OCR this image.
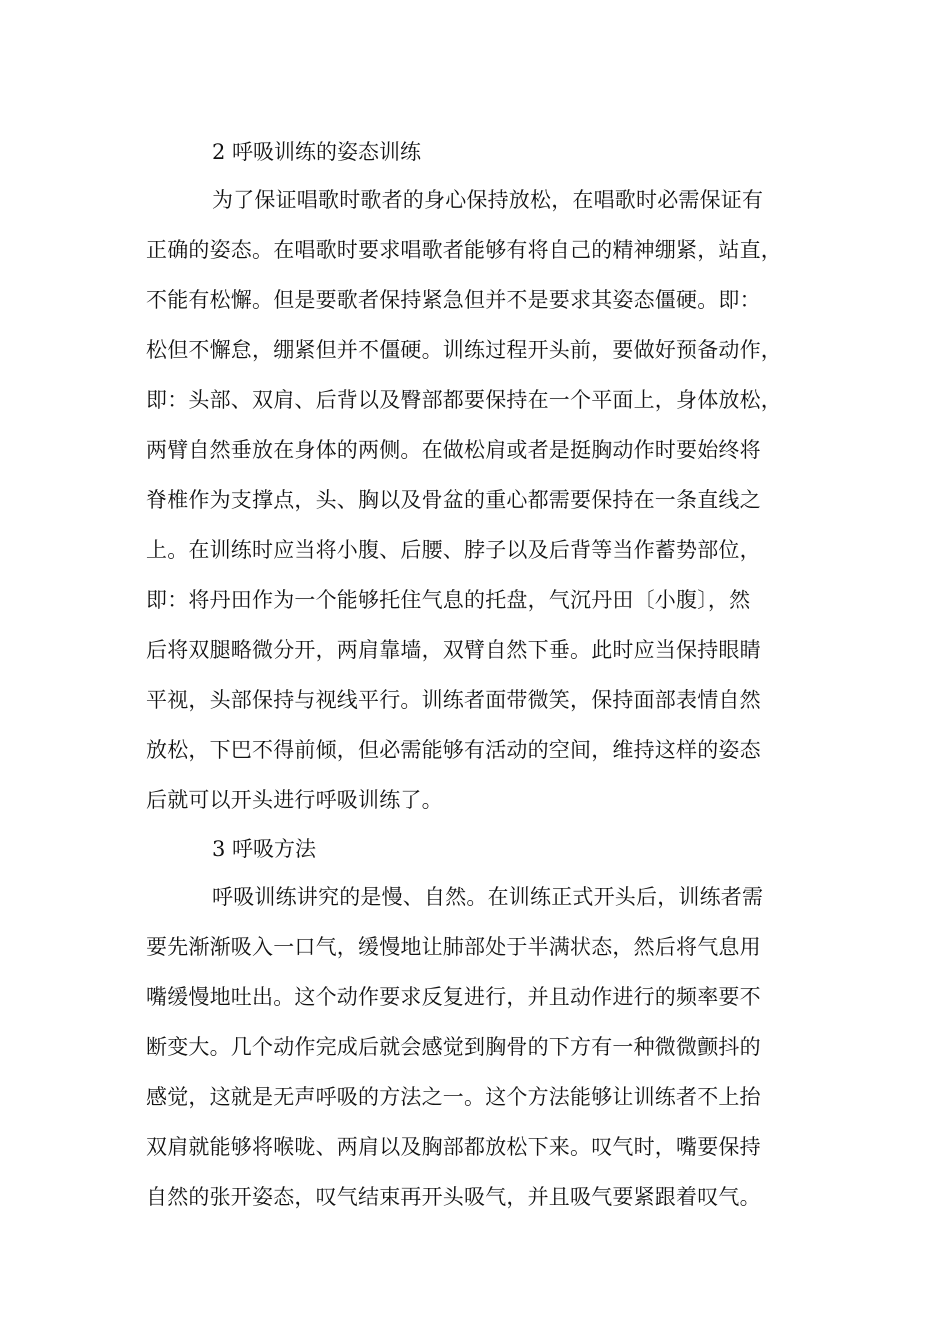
2 呼吸训练的姿态训练
为了保证唱歌时歌者的身心保持放松，在唱歌时必需保证有
正确的姿态。在唱歌时要求唱歌者能够有将自己的精神绷紧，站直，
不能有松懈。但是要歌者保持紧急但并不是要求其姿态僵硬。即：
松但不懈怠，绷紧但并不僵硬。训练过程开头前，要做好预备动作，
即：头部、双肩、后背以及臀部都要保持在一个平面上，身体放松，
两臂自然垂放在身体的两侧。在做松肩或者是挺胸动作时要始终将
脊椎作为支撑点，头、胸以及骨盆的重心都需要保持在一条直线之
上。在训练时应当将小腹、后腰、脖子以及后背等当作蓄势部位，
即：将丹田作为一个能够托住气息的托盘，气沉丹田〔小腹〕，然
后将双腿略微分开，两肩靠墙，双臂自然下垂。此时应当保持眼睛
平视，头部保持与视线平行。训练者面带微笑，保持面部表情自然
放松，下巴不得前倾，但必需能够有活动的空间，维持这样的姿态
后就可以开头进行呼吸训练了。
3 呼吸方法
呼吸训练讲究的是慢、自然。在训练正式开头后，训练者需
要先渐渐吸入一口气，缓慢地让肺部处于半满状态，然后将气息用
嘴缓慢地吐出。这个动作要求反复进行，并且动作进行的频率要不
断变大。几个动作完成后就会感觉到胸骨的下方有一种微微颤抖的
感觉，这就是无声呼吸的方法之一。这个方法能够让训练者不上抬
双肩就能够将喉咙、两肩以及胸部都放松下来。叹气时，嘴要保持
自然的张开姿态，叹气结束再开头吸气，并且吸气要紧跟着叹气。
